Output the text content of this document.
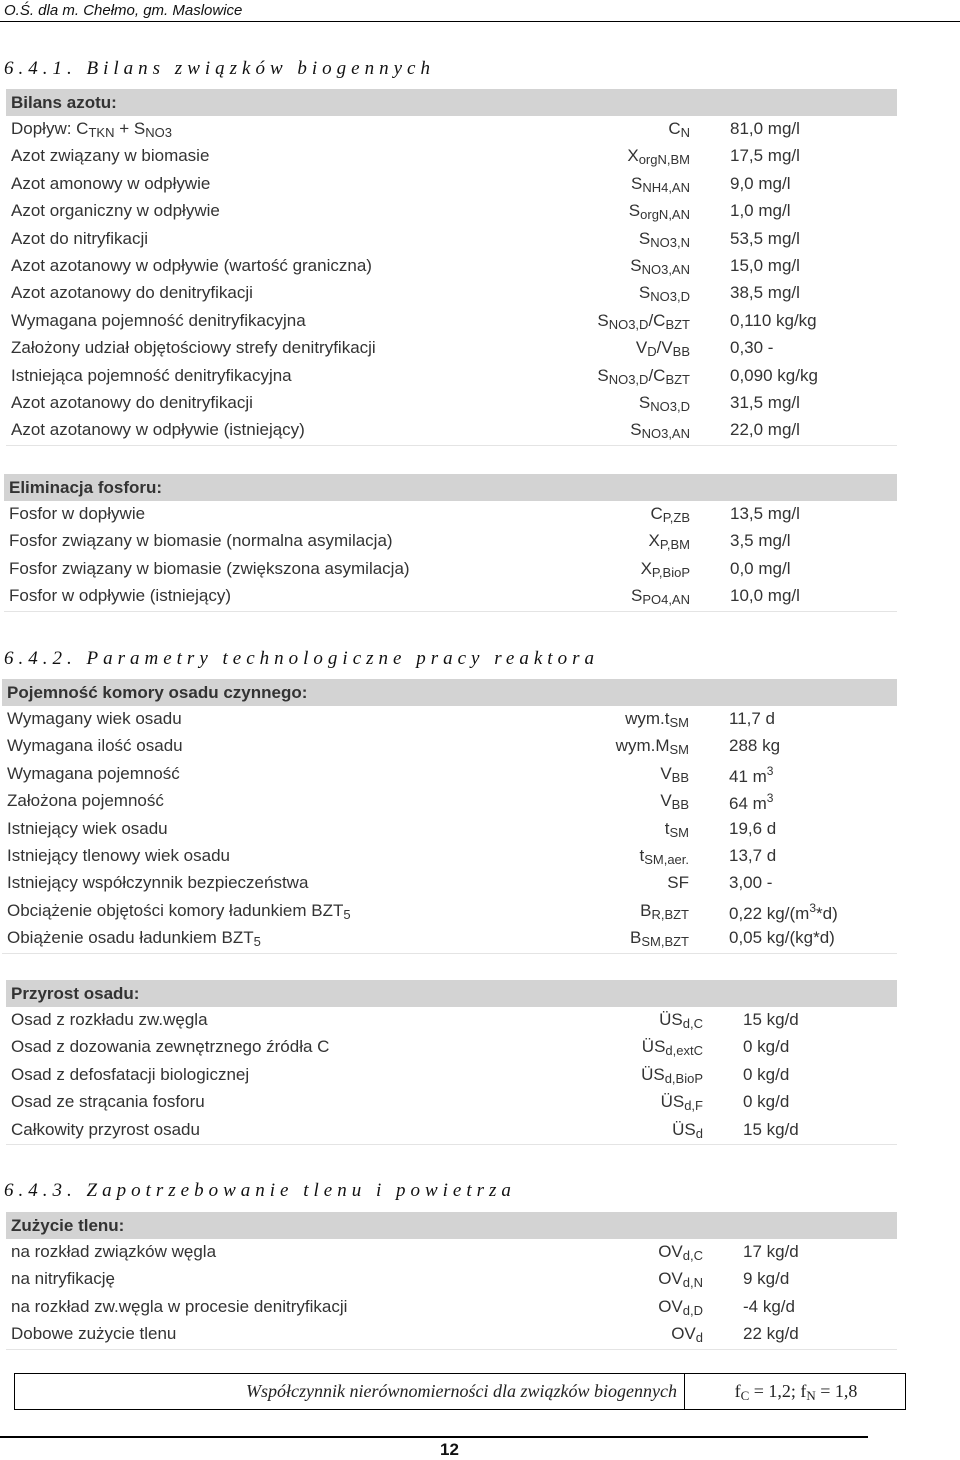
O.Ś. dla m. Chełmo, gm. Maslowice
6.4.1. Bilans związków biogennych
Bilans azotu:
Dopływ: $C_{TKN} + S_{NO3}$	$C_N$ 81,0 mg/l
Azot związany w biomasie	$X_{orgN,BM}$ 17,5 mg/l
Azot amonowy w odpływie	$S_{NH4,AN}$ 9,0 mg/l
Azot organiczny w odpływie	$S_{orgN,AN}$ 1,0 mg/l
Azot do nitryfikacji	$S_{NO3,N}$ 53,5 mg/l
Azot azotanowy w odpływie (wartość graniczna)	$S_{NO3,AN}$ 15,0 mg/l
Azot azotanowy do denitryfikacji	$S_{NO3,D}$ 38,5 mg/l
Wymagana pojemność denitryfikacyjna	$S_{NO3,D}/C_{BZT}$ 0,110 kg/kg
Założony udział objętościowy strefy denitryfikacji	$V_D/V_{BB}$ 0,30 -
Istniejąca pojemność denitryfikacyjna	$S_{NO3,D}/C_{BZT}$ 0,090 kg/kg
Azot azotanowy do denitryfikacji	$S_{NO3,D}$ 31,5 mg/l
Azot azotanowy w odpływie (istniejący)	$S_{NO3,AN}$ 22,0 mg/l
Eliminacja fosforu:
Fosfor w dopływie	$C_{P,ZB}$ 13,5 mg/l
Fosfor związany w biomasie (normalna asymilacja)	$X_{P,BM}$ 3,5 mg/l
Fosfor związany w biomasie (zwiększona asymilacja)	$X_{P,BioP}$ 0,0 mg/l
Fosfor w odpływie (istniejący)	$S_{PO4,AN}$ 10,0 mg/l
6.4.2. Parametry technologiczne pracy reaktora
Pojemność komory osadu czynnego:
Wymagany wiek osadu	$wym.t_{SM}$ 11,7 d
Wymagana ilość osadu	$wym.M_{SM}$ 288 kg
Wymagana pojemność	$V_{BB}$ 41 $m^3$
Założona pojemność	$V_{BB}$ 64 $m^3$
Istniejący wiek osadu	$t_{SM}$ 19,6 d
Istniejący tlenowy wiek osadu	$t_{SM,aer.}$ 13,7 d
Istniejący współczynnik bezpieczeństwa	SF 3,00 -
Obciążenie objętości komory ładunkiem $BZT_5$	$B_{R,BZT}$ 0,22 $kg/(m^3*d)$
Obiążenie osadu ładunkiem $BZT_5$	$B_{SM,BZT}$ 0,05 kg/(kg*d)
Przyrost osadu:
Osad z rozkładu zw.węgla	$ÜS_{d,C}$ 15 kg/d
Osad z dozowania zewnętrznego źródła C	$ÜS_{d,extC}$ 0 kg/d
Osad z defosfatacji biologicznej	$ÜS_{d,BioP}$ 0 kg/d
Osad ze strącania fosforu	$ÜS_{d,F}$ 0 kg/d
Całkowity przyrost osadu	$ÜS_d$ 15 kg/d
6.4.3. Zapotrzebowanie tlenu i powietrza
Zużycie tlenu:
na rozkład związków węgla	$OV_{d,C}$ 17 kg/d
na nitryfikację	$OV_{d,N}$ 9 kg/d
na rozkład zw.węgla w procesie denitryfikacji	$OV_{d,D}$ -4 kg/d
Dobowe zużycie tlenu	$OV_d$ 22 kg/d
Współczynnik nierównomierności dla związków biogennych	$f_C = 1,2$; $f_N = 1,8$
12
